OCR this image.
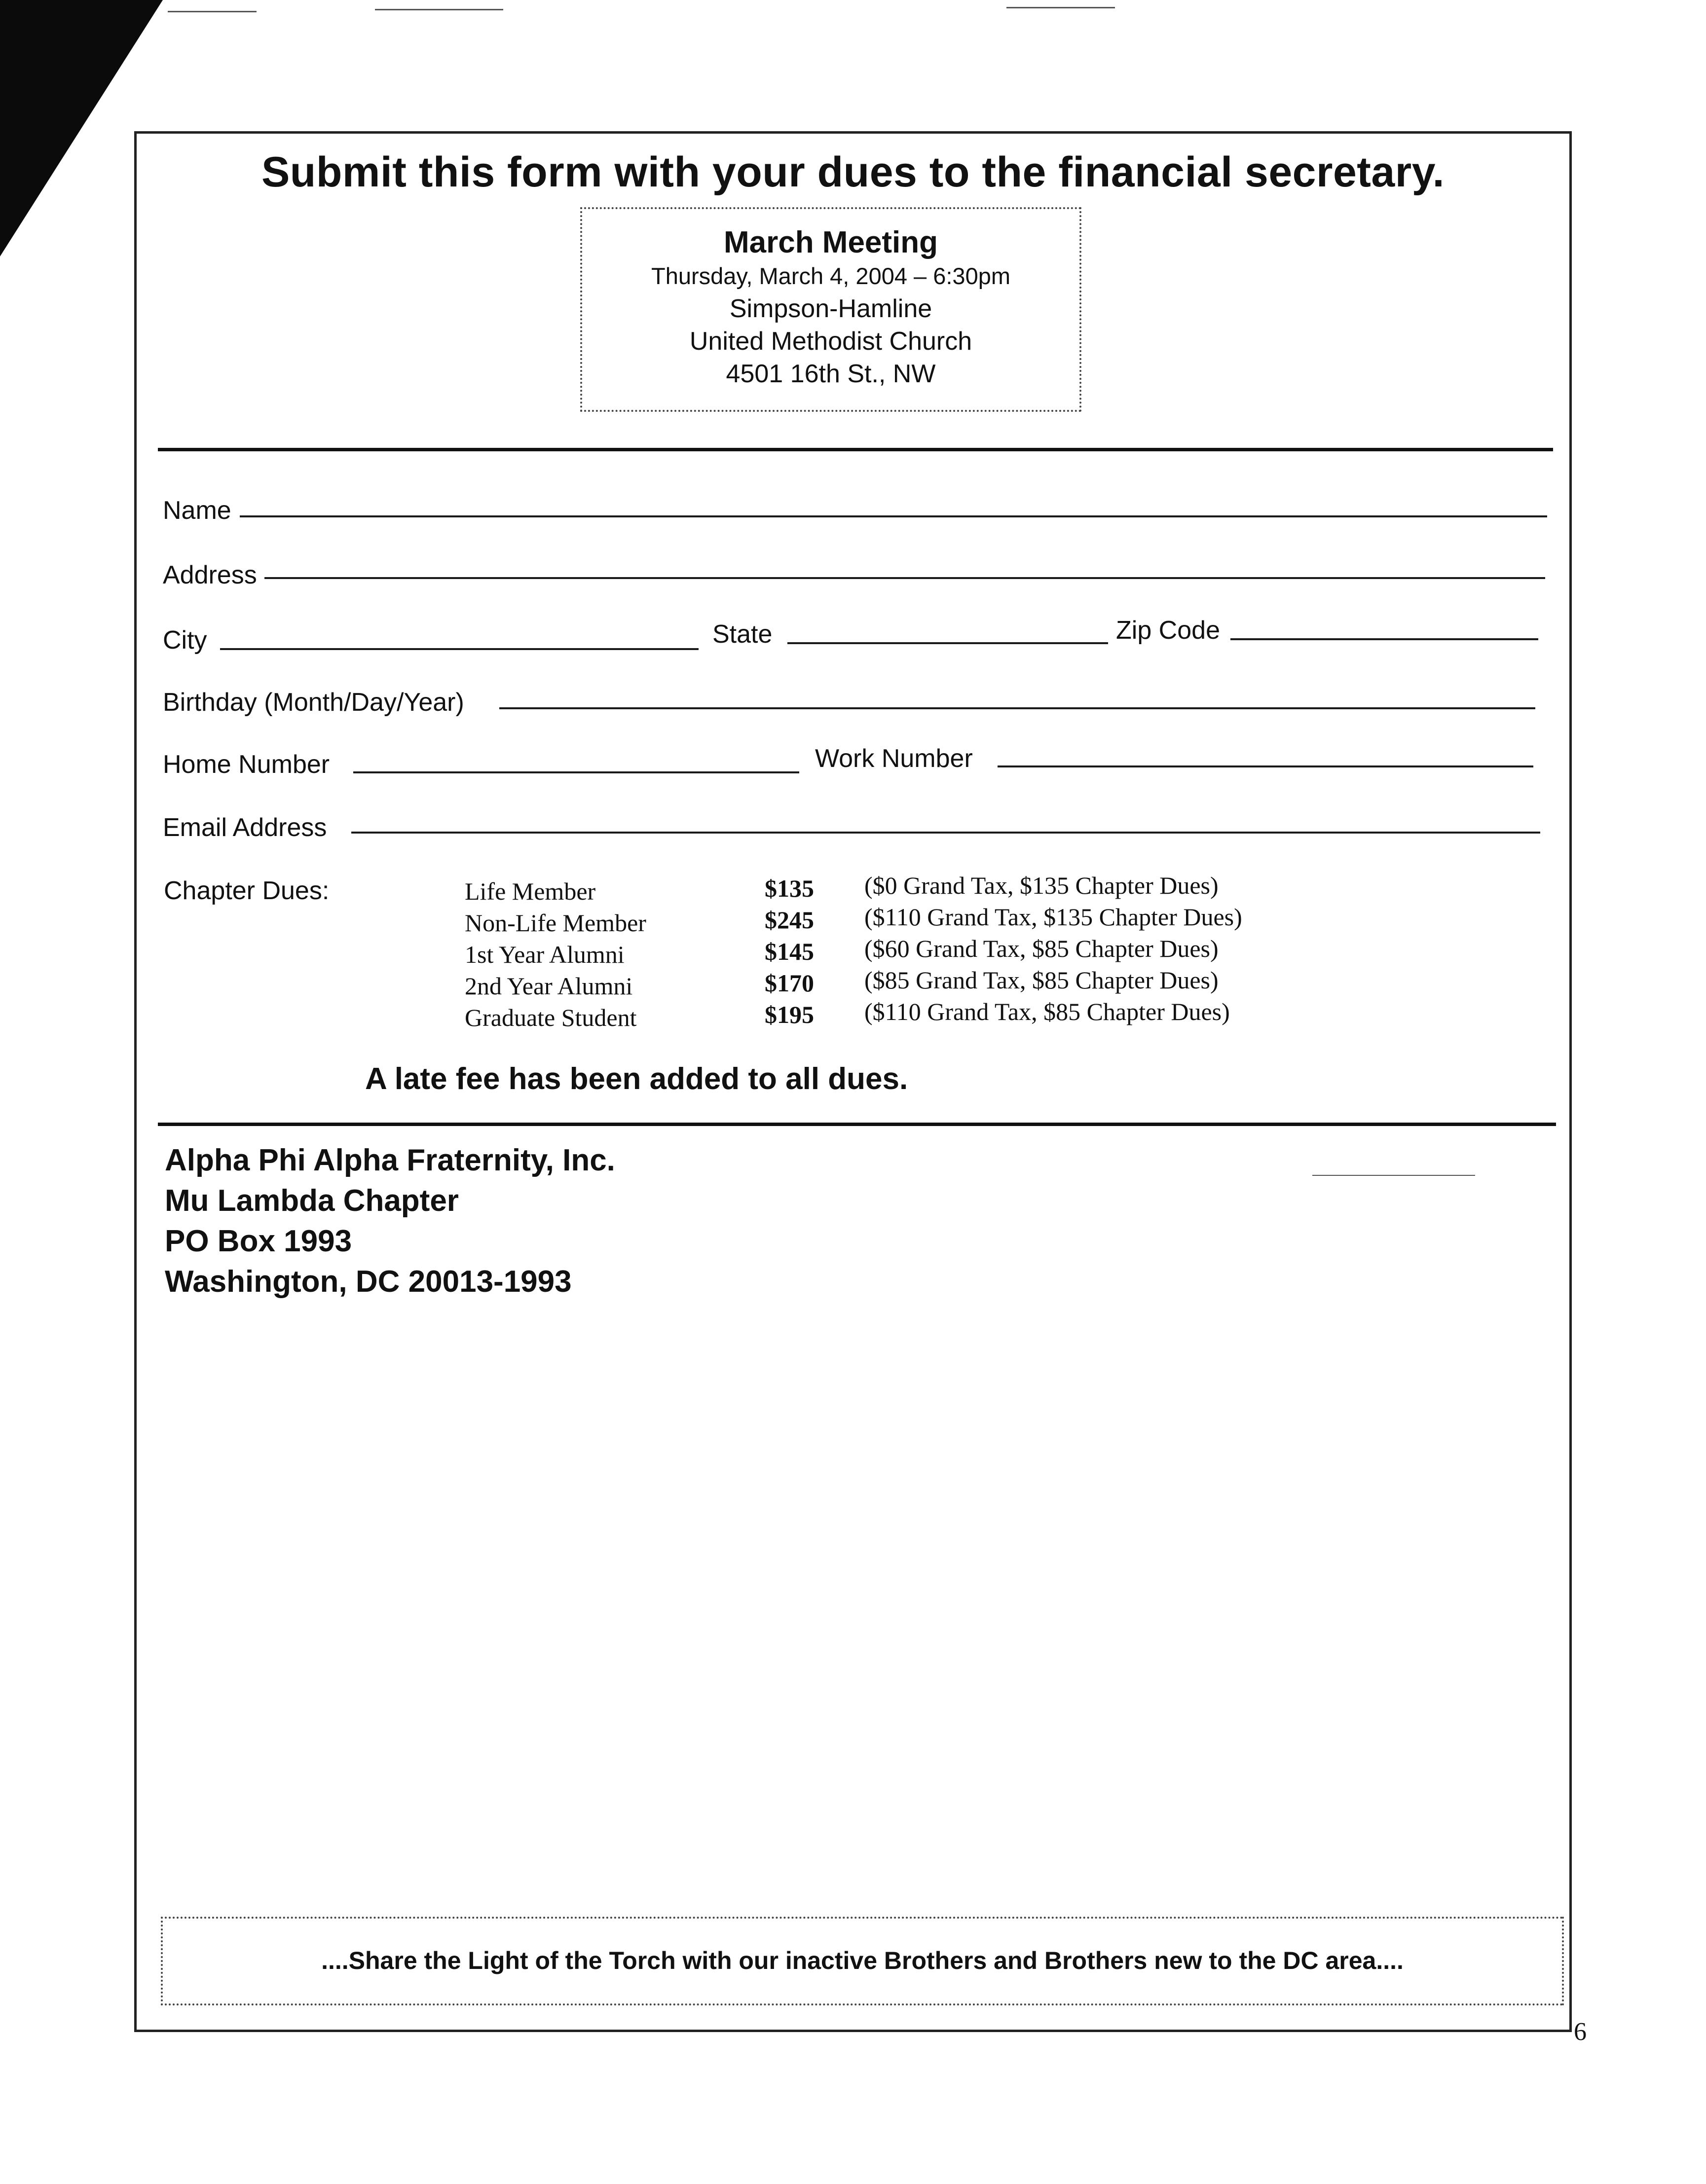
Submit this form with your dues to the financial secretary.
March Meeting
Thursday, March 4, 2004 – 6:30pm
Simpson-Hamline
United Methodist Church
4501 16th St., NW
Name
Address
City	State	Zip Code
Birthday (Month/Day/Year)
Home Number	Work Number
Email Address
Chapter Dues:	Life Member	$135 ($0 Grand Tax, $135 Chapter Dues)
Non-Life Member	$245 ($110 Grand Tax, $135 Chapter Dues)
1st Year Alumni	$145 ($60 Grand Tax, $85 Chapter Dues)
2nd Year Alumni	$170 ($85 Grand Tax, $85 Chapter Dues)
Graduate Student	$195 ($110 Grand Tax, $85 Chapter Dues)
A late fee has been added to all dues.
Alpha Phi Alpha Fraternity, Inc.
Mu Lambda Chapter
PO Box 1993
Washington, DC 20013-1993
....Share the Light of the Torch with our inactive Brothers and Brothers new to the DC area....
6
